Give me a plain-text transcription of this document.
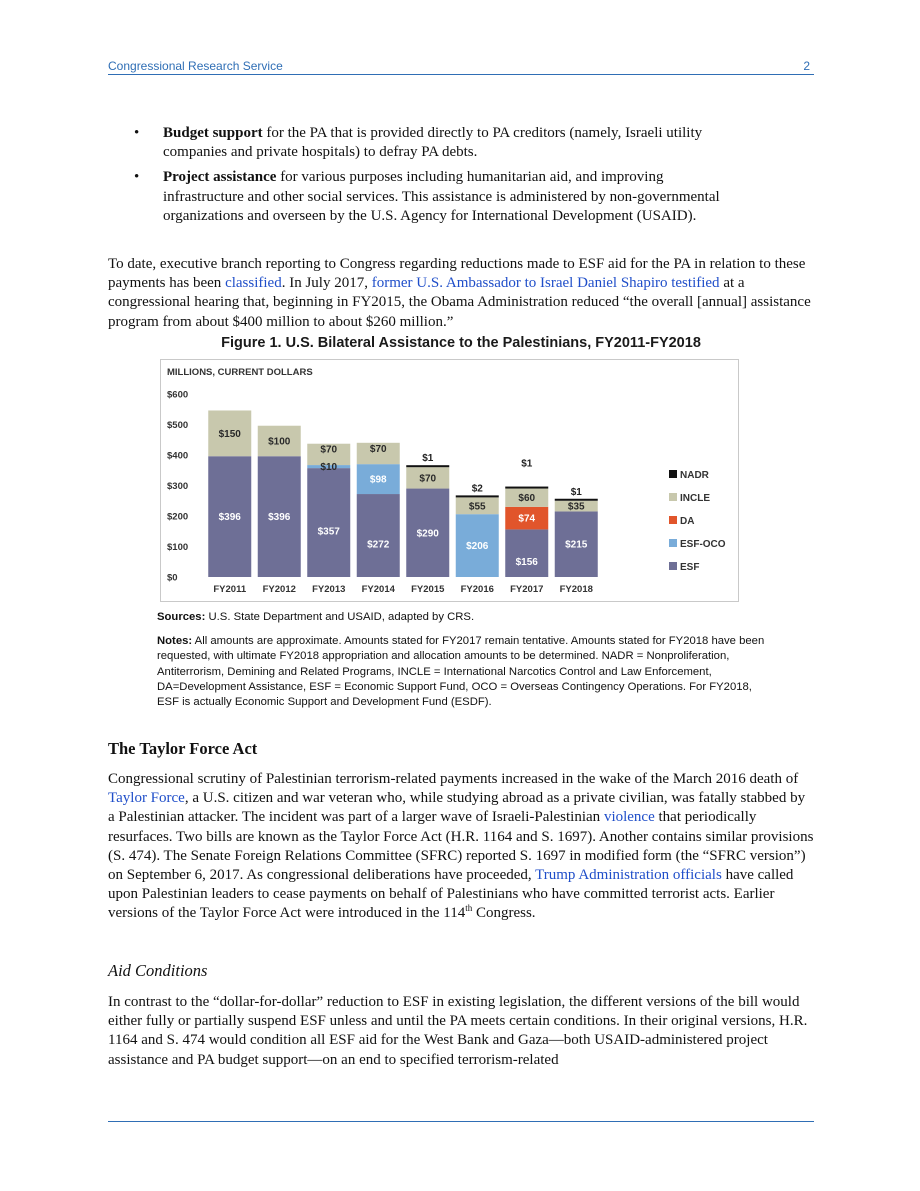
Congressional Research Service	2
• Budget support for the PA that is provided directly to PA creditors (namely, Israeli utility companies and private hospitals) to defray PA debts.
• Project assistance for various purposes including humanitarian aid, and improving infrastructure and other social services. This assistance is administered by non-governmental organizations and overseen by the U.S. Agency for International Development (USAID).

To date, executive branch reporting to Congress regarding reductions made to ESF aid for the PA in relation to these payments has been classified. In July 2017, former U.S. Ambassador to Israel Daniel Shapiro testified at a congressional hearing that, beginning in FY2015, the Obama Administration reduced “the overall [annual] assistance program from about $400 million to about $260 million.”

Figure 1. U.S. Bilateral Assistance to the Palestinians, FY2011-FY2018
MILLIONS, CURRENT DOLLARS
$0
$100
$200
$300
$400
$500
$600
FY2011
$396
$150
FY2012
$396
$100
FY2013
$357
$10
$70
FY2014
$272
$98
$70
FY2015
$290
$70
$1
FY2016
$206
$55
$2
FY2017
$156
$74
$60
$1
FY2018
$215
$35
$1
NADR
INCLE
DA
ESF-OCO
ESF
Sources: U.S. State Department and USAID, adapted by CRS.
Notes: All amounts are approximate. Amounts stated for FY2017 remain tentative. Amounts stated for FY2018 have been requested, with ultimate FY2018 appropriation and allocation amounts to be determined. NADR = Nonproliferation, Antiterrorism, Demining and Related Programs, INCLE = International Narcotics Control and Law Enforcement, DA=Development Assistance, ESF = Economic Support Fund, OCO = Overseas Contingency Operations. For FY2018, ESF is actually Economic Support and Development Fund (ESDF).
The Taylor Force Act

Congressional scrutiny of Palestinian terrorism-related payments increased in the wake of the March 2016 death of Taylor Force, a U.S. citizen and war veteran who, while studying abroad as a private civilian, was fatally stabbed by a Palestinian attacker. The incident was part of a larger wave of Israeli-Palestinian violence that periodically resurfaces. Two bills are known as the Taylor Force Act (H.R. 1164 and S. 1697). Another contains similar provisions (S. 474). The Senate Foreign Relations Committee (SFRC) reported S. 1697 in modified form (the “SFRC version”) on September 6, 2017. As congressional deliberations have proceeded, Trump Administration officials have called upon Palestinian leaders to cease payments on behalf of Palestinians who have committed terrorist acts. Earlier versions of the Taylor Force Act were introduced in the 114th Congress.

Aid Conditions

In contrast to the “dollar-for-dollar” reduction to ESF in existing legislation, the different versions of the bill would either fully or partially suspend ESF unless and until the PA meets certain conditions. In their original versions, H.R. 1164 and S. 474 would condition all ESF aid for the West Bank and Gaza—both USAID-administered project assistance and PA budget support—on an end to specified terrorism-related
